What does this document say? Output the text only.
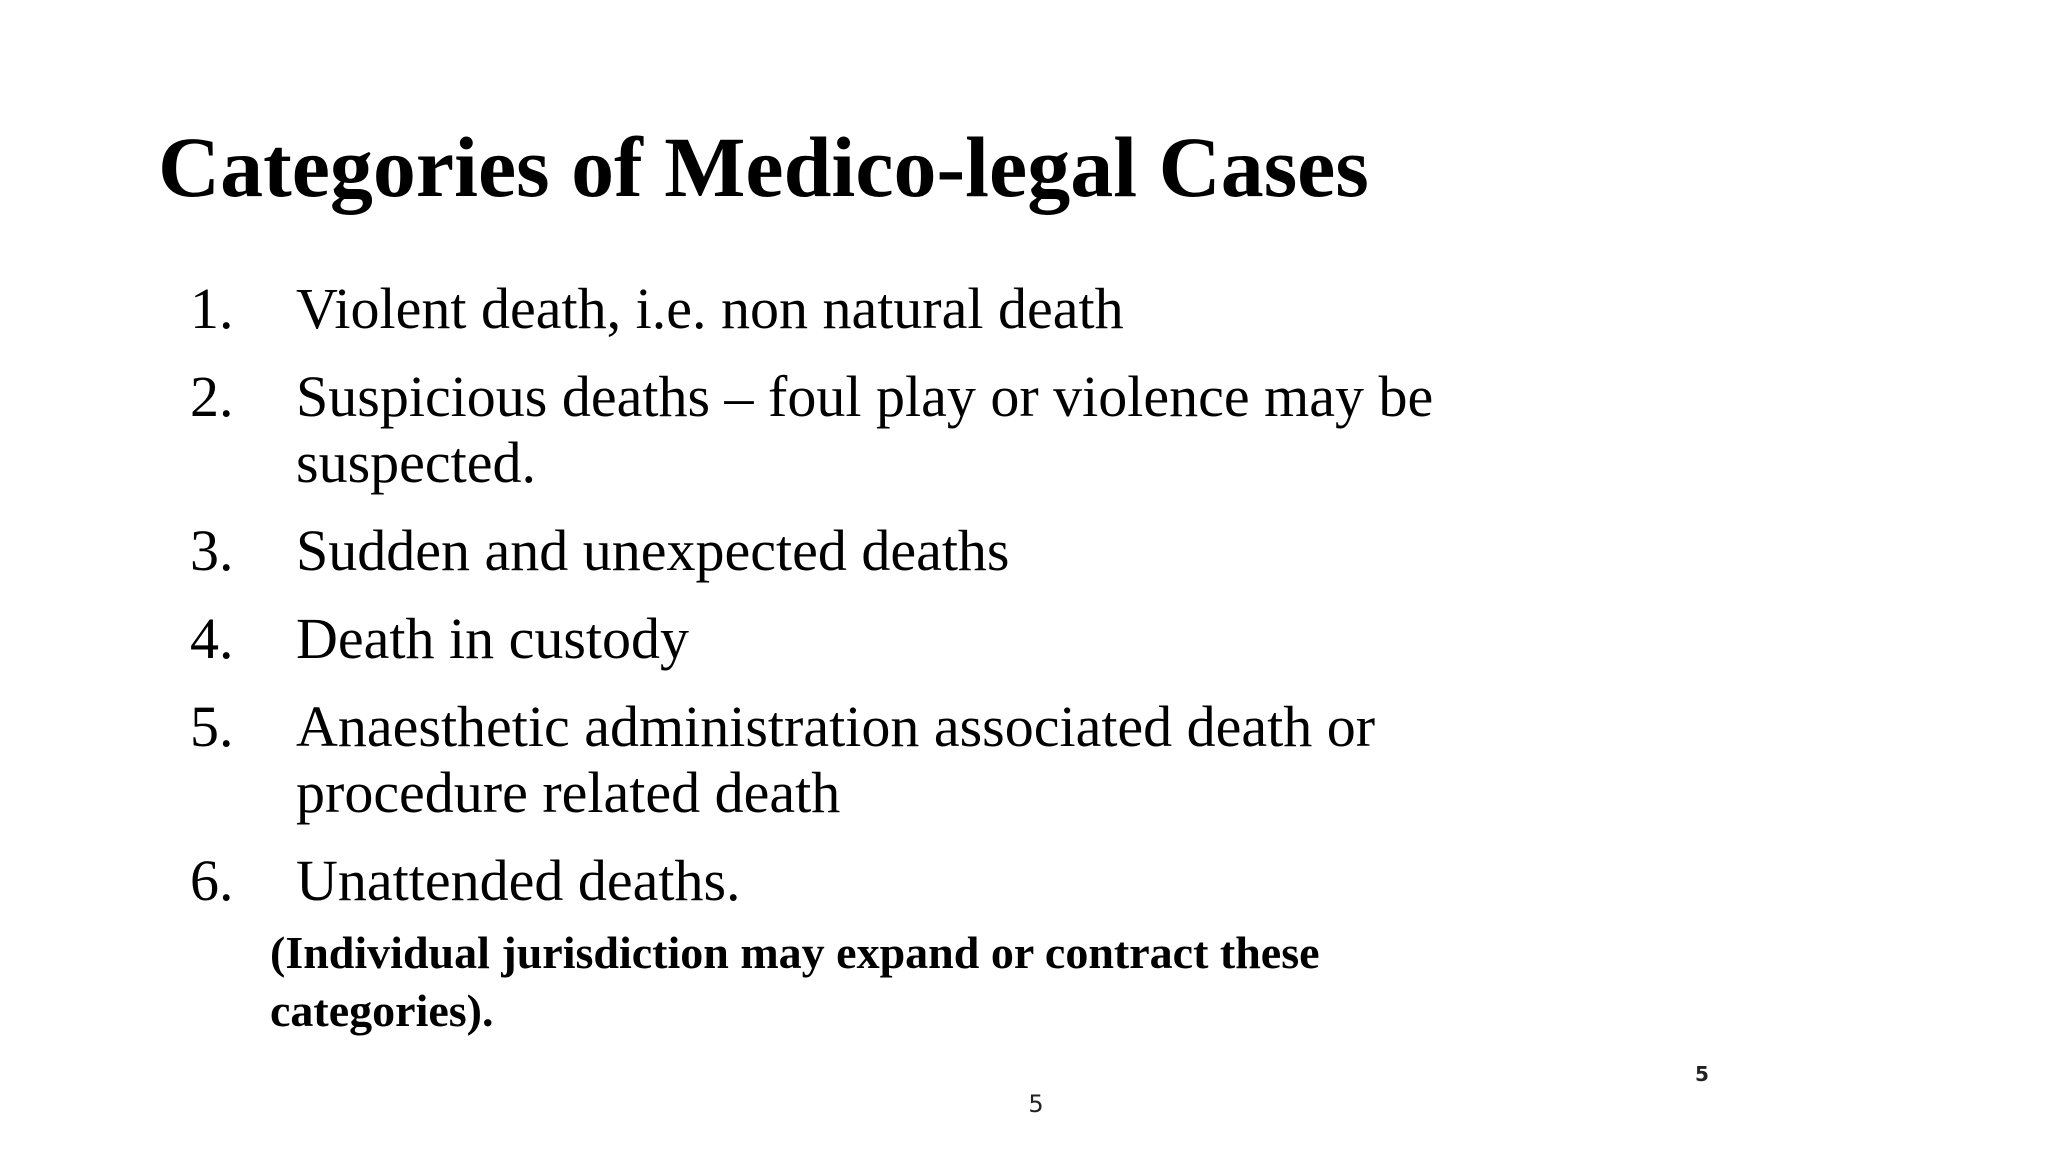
Categories of Medico-legal Cases
1.	Violent death, i.e. non natural death
2.	Suspicious deaths – foul play or violence may be suspected.
3.	Sudden and unexpected deaths
4.	Death in custody
5.	Anaesthetic administration associated death or procedure related death
6.	Unattended deaths.

(Individual jurisdiction may expand or contract these categories).

5
5
